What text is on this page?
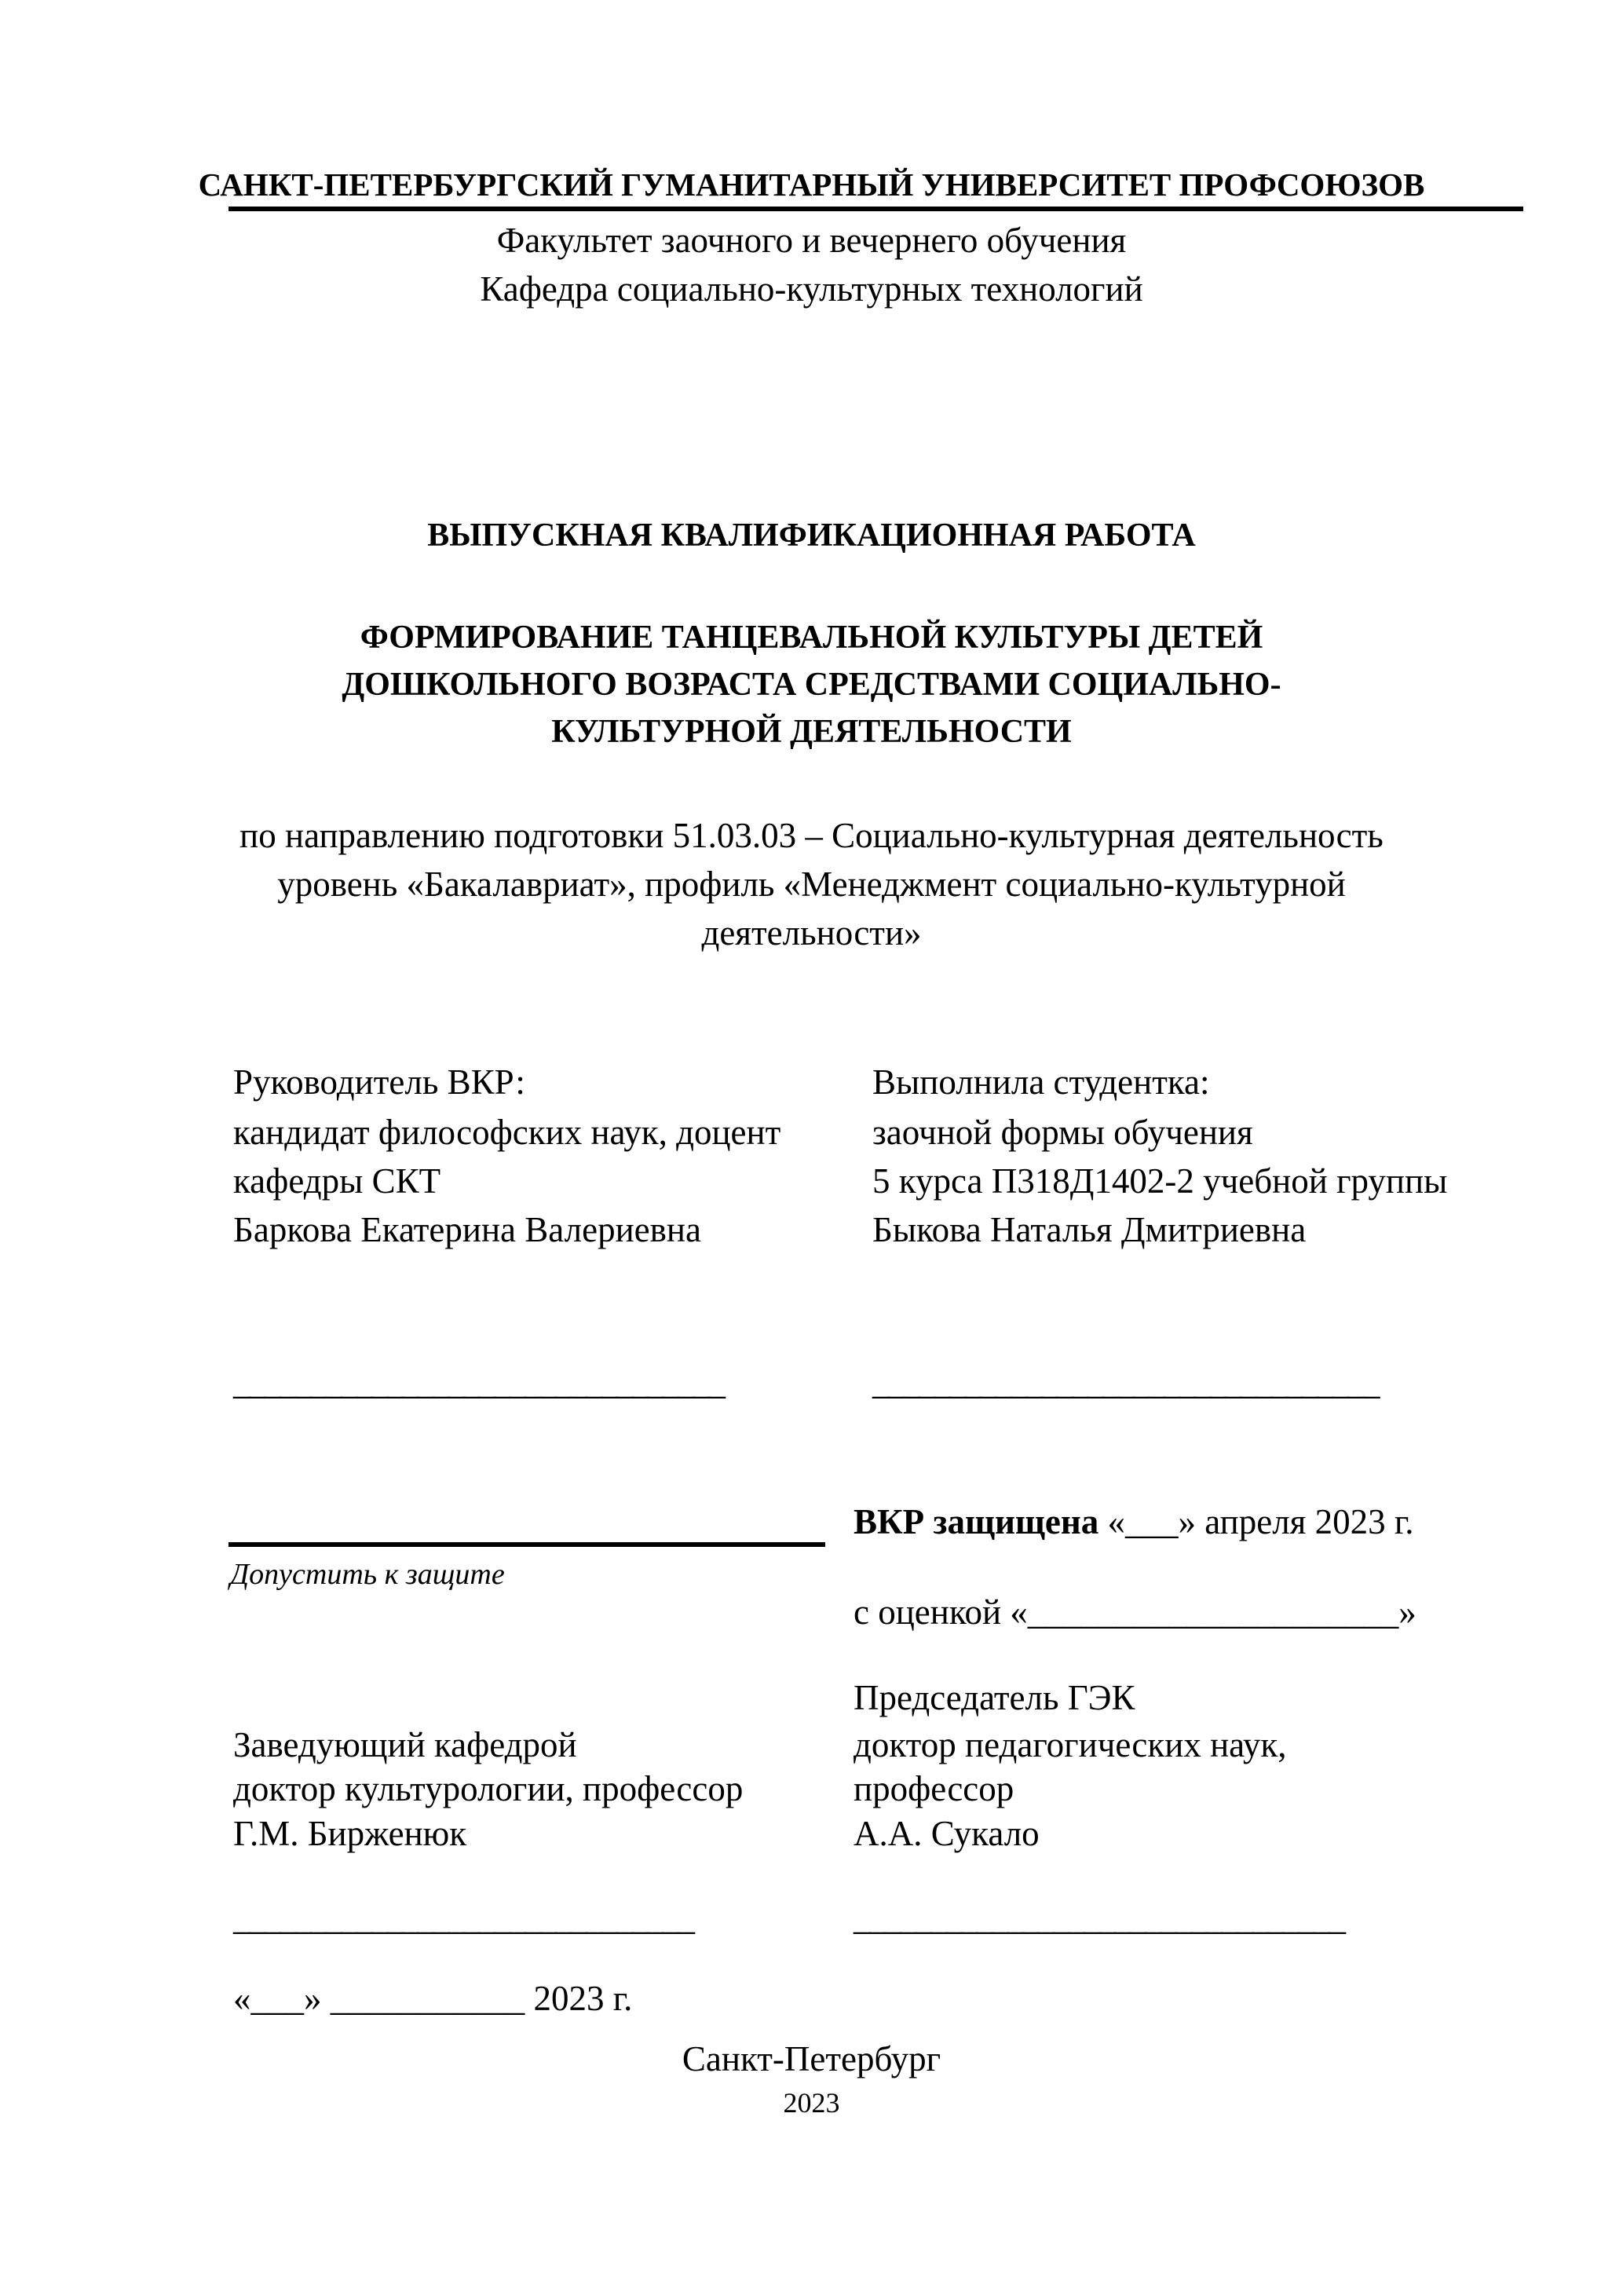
САНКТ-ПЕТЕРБУРГСКИЙ ГУМАНИТАРНЫЙ УНИВЕРСИТЕТ ПРОФСОЮЗОВ
Факультет заочного и вечернего обучения
Кафедра социально-культурных технологий
ВЫПУСКНАЯ КВАЛИФИКАЦИОННАЯ РАБОТА
ФОРМИРОВАНИЕ ТАНЦЕВАЛЬНОЙ КУЛЬТУРЫ ДЕТЕЙ
ДОШКОЛЬНОГО ВОЗРАСТА СРЕДСТВАМИ СОЦИАЛЬНО-
КУЛЬТУРНОЙ ДЕЯТЕЛЬНОСТИ
по направлению подготовки 51.03.03 – Социально-культурная деятельность
уровень «Бакалавриат», профиль «Менеджмент социально-культурной
деятельности»
Руководитель ВКР:
кандидат философских наук, доцент
кафедры СКТ
Баркова Екатерина Валериевна
________________________________
Выполнила студентка:
заочной формы обучения
5 курса П318Д1402-2 учебной группы
Быкова Наталья Дмитриевна
_________________________________
Допустить к защите
ВКР защищена «___» апреля 2023 г.
с оценкой «_____________________»
Председатель ГЭК
доктор педагогических наук,
профессор
А.А. Сукало
________________________________
Заведующий кафедрой
доктор культурологии, профессор
Г.М. Бирженюк
______________________________
«___» ___________ 2023 г.
Санкт-Петербург
2023
